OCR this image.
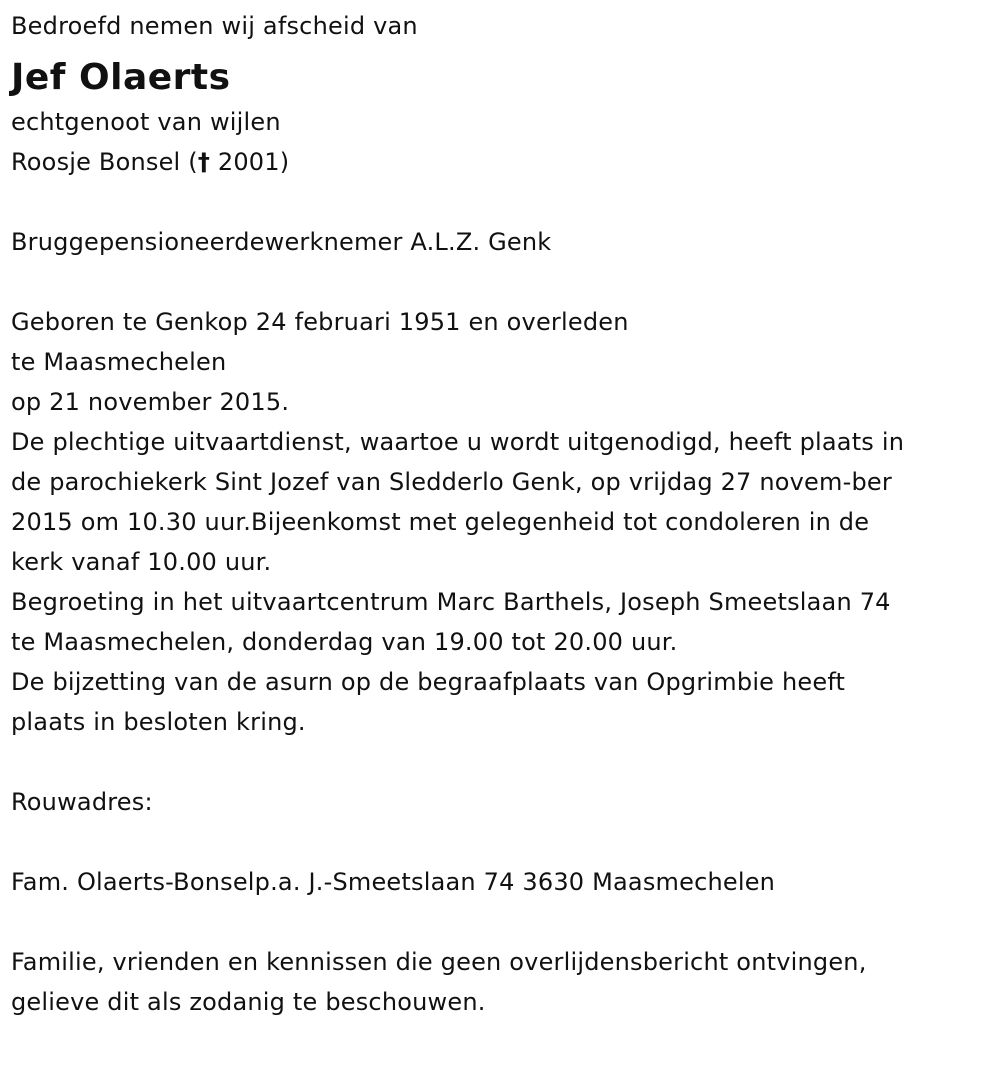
Bedroefd nemen wij afscheid van

Jef Olaerts

echtgenoot van wijlen

Roosje Bonsel († 2001)

Bruggepensioneerdewerknemer A.L.Z. Genk

Geboren te Genkop 24 februari 1951 en overleden

te Maasmechelen

op 21 november 2015.

De plechtige uitvaartdienst, waartoe u wordt uitgenodigd, heeft plaats in

de parochiekerk Sint Jozef van Sledderlo Genk, op vrijdag 27 novem-ber

2015 om 10.30 uur.Bijeenkomst met gelegenheid tot condoleren in de

kerk vanaf 10.00 uur.

Begroeting in het uitvaartcentrum Marc Barthels, Joseph Smeetslaan 74

te Maasmechelen, donderdag van 19.00 tot 20.00 uur.

De bijzetting van de asurn op de begraafplaats van Opgrimbie heeft

plaats in besloten kring.

Rouwadres:

Fam. Olaerts-Bonselp.a. J.-Smeetslaan 74 3630 Maasmechelen

Familie, vrienden en kennissen die geen overlijdensbericht ontvingen,

gelieve dit als zodanig te beschouwen.
